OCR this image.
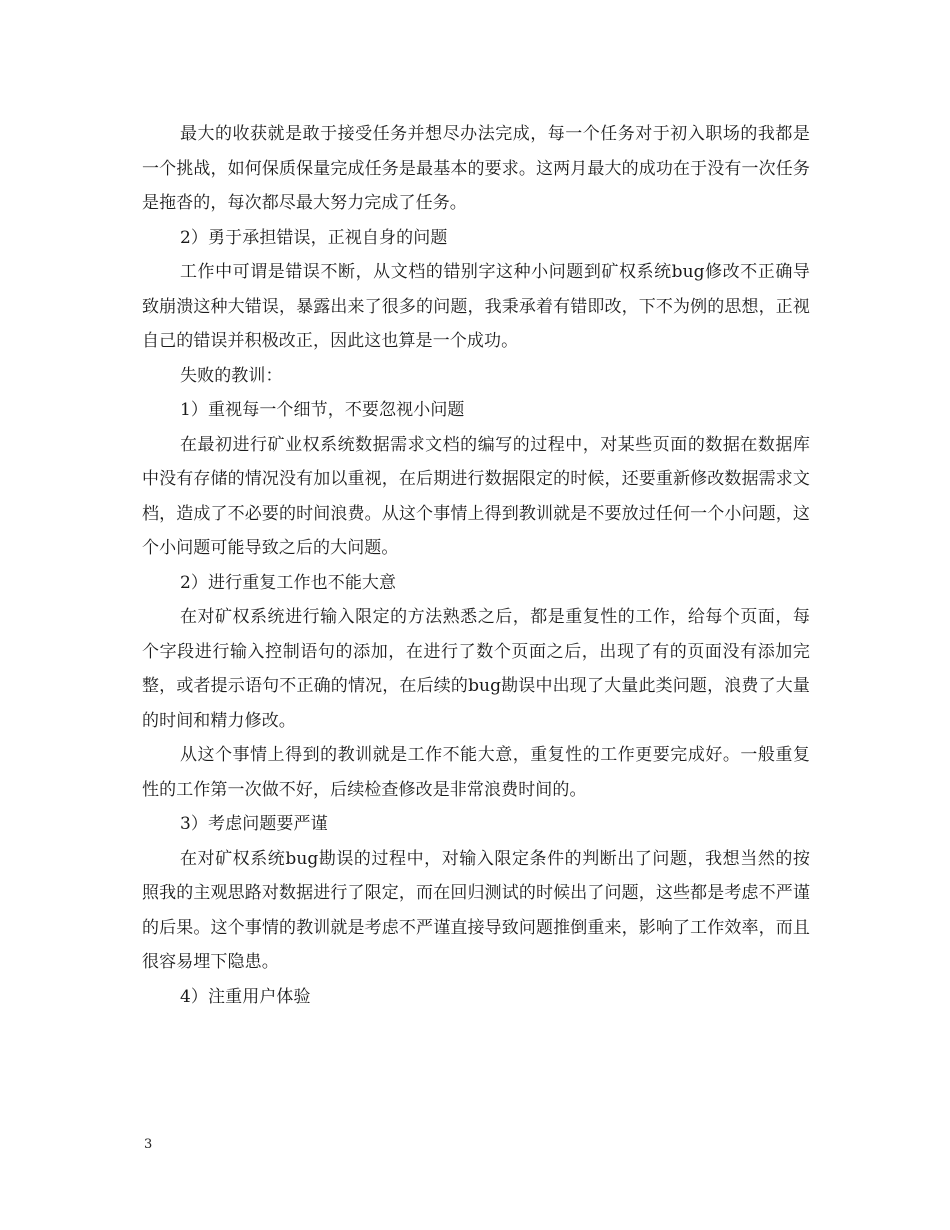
最大的收获就是敢于接受任务并想尽办法完成，每一个任务对于初入职场的我都是一个挑战，如何保质保量完成任务是最基本的要求。这两月最大的成功在于没有一次任务是拖沓的，每次都尽最大努力完成了任务。

2）勇于承担错误，正视自身的问题

工作中可谓是错误不断，从文档的错别字这种小问题到矿权系统bug修改不正确导致崩溃这种大错误，暴露出来了很多的问题，我秉承着有错即改，下不为例的思想，正视自己的错误并积极改正，因此这也算是一个成功。

失败的教训：

1）重视每一个细节，不要忽视小问题

在最初进行矿业权系统数据需求文档的编写的过程中，对某些页面的数据在数据库中没有存储的情况没有加以重视，在后期进行数据限定的时候，还要重新修改数据需求文档，造成了不必要的时间浪费。从这个事情上得到教训就是不要放过任何一个小问题，这个小问题可能导致之后的大问题。

2）进行重复工作也不能大意

在对矿权系统进行输入限定的方法熟悉之后，都是重复性的工作，给每个页面，每个字段进行输入控制语句的添加，在进行了数个页面之后，出现了有的页面没有添加完整，或者提示语句不正确的情况，在后续的bug勘误中出现了大量此类问题，浪费了大量的时间和精力修改。

从这个事情上得到的教训就是工作不能大意，重复性的工作更要完成好。一般重复性的工作第一次做不好，后续检查修改是非常浪费时间的。

3）考虑问题要严谨

在对矿权系统bug勘误的过程中，对输入限定条件的判断出了问题，我想当然的按照我的主观思路对数据进行了限定，而在回归测试的时候出了问题，这些都是考虑不严谨的后果。这个事情的教训就是考虑不严谨直接导致问题推倒重来，影响了工作效率，而且很容易埋下隐患。

4）注重用户体验

3
